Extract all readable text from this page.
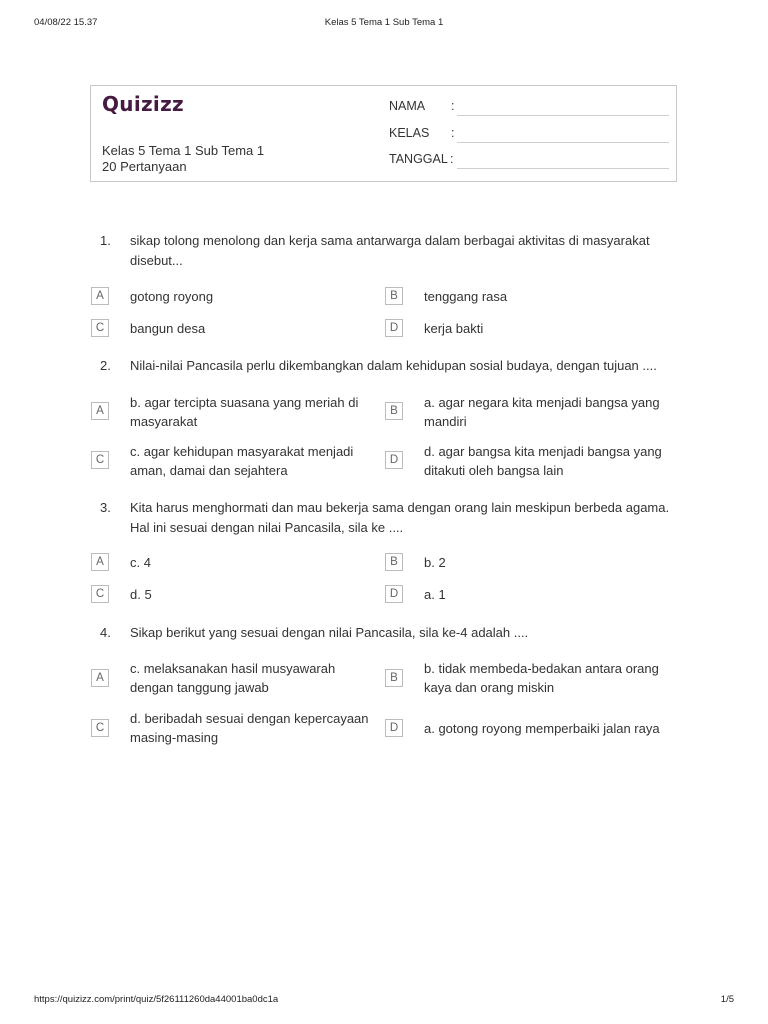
04/08/22 15.37	Kelas 5 Tema 1 Sub Tema 1
Quizizz
Kelas 5 Tema 1 Sub Tema 1
20 Pertanyaan
NAMA :
KELAS :
TANGGAL :
1. sikap tolong menolong dan kerja sama antarwarga dalam berbagai aktivitas di masyarakat disebut...
A	gotong royong	B	tenggang rasa
C	bangun desa	D	kerja bakti
2. Nilai-nilai Pancasila perlu dikembangkan dalam kehidupan sosial budaya, dengan tujuan ....
A
b. agar tercipta suasana yang meriah di masyarakat
B
a. agar negara kita menjadi bangsa yang mandiri
C
c. agar kehidupan masyarakat menjadi aman, damai dan sejahtera
D
d. agar bangsa kita menjadi bangsa yang ditakuti oleh bangsa lain
3. Kita harus menghormati dan mau bekerja sama dengan orang lain meskipun berbeda agama. Hal ini sesuai dengan nilai Pancasila, sila ke ....
A	c. 4	B	b. 2
C	d. 5	D	a. 1
4. Sikap berikut yang sesuai dengan nilai Pancasila, sila ke-4 adalah ....
A
c. melaksanakan hasil musyawarah dengan tanggung jawab
B
b. tidak membeda-bedakan antara orang kaya dan orang miskin
C
d. beribadah sesuai dengan kepercayaan masing-masing
D	a. gotong royong memperbaiki jalan raya
https://quizizz.com/print/quiz/5f26111260da44001ba0dc1a	1/5
